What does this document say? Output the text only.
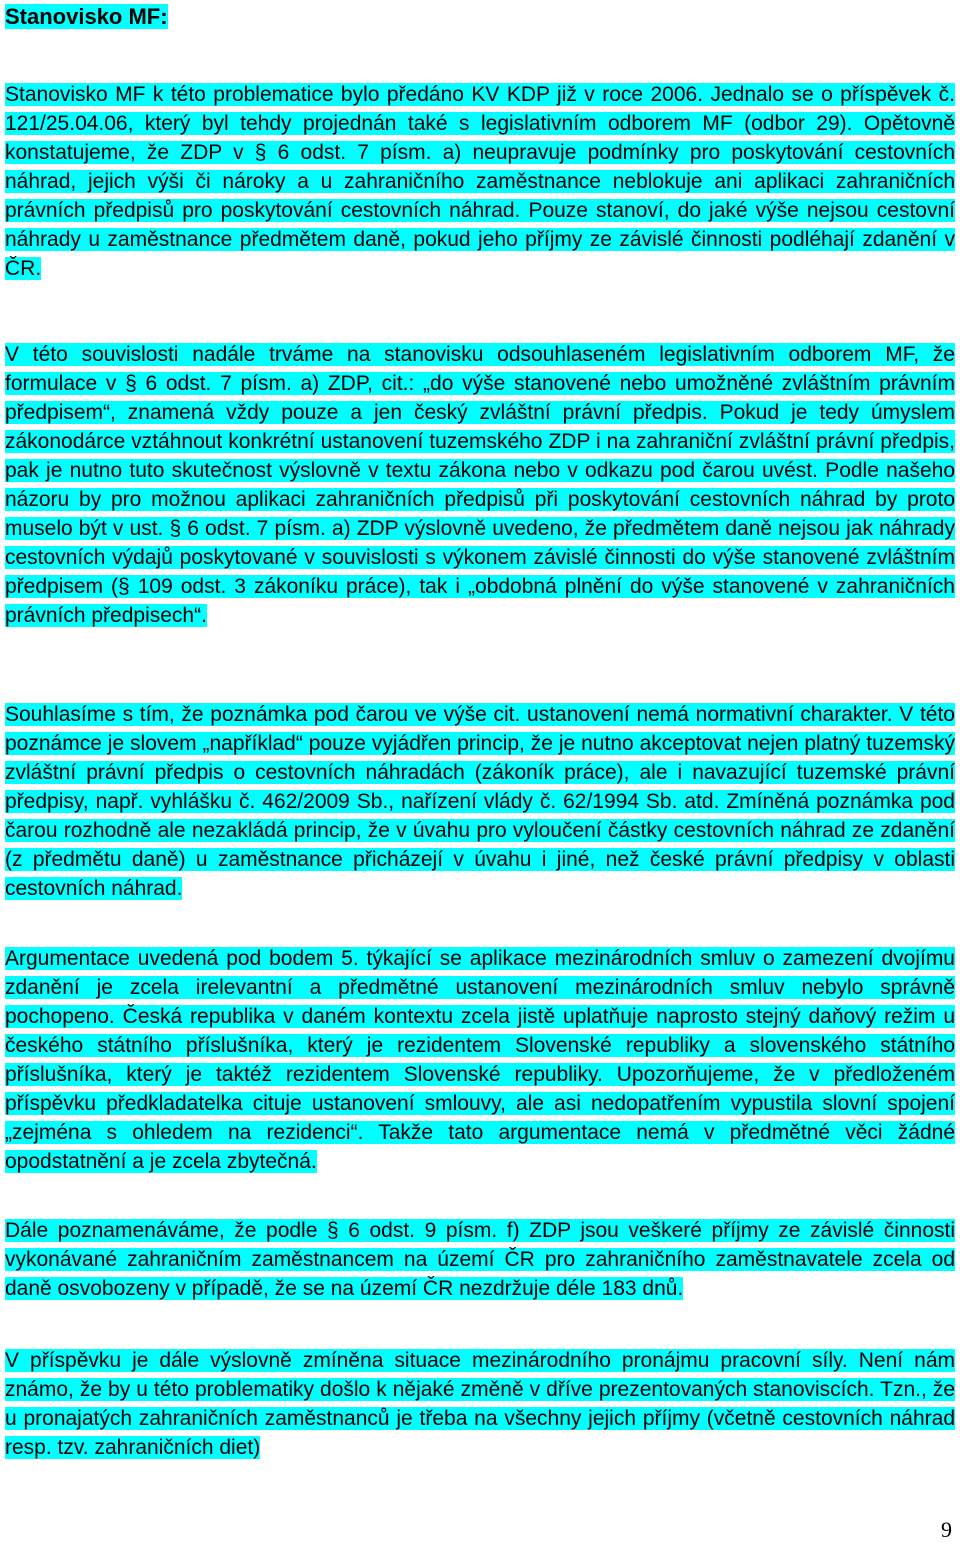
Stanovisko MF:

Stanovisko MF k této problematice bylo předáno KV KDP již v roce 2006. Jednalo se o příspěvek č. 121/25.04.06, který byl tehdy projednán také s legislativním odborem MF (odbor 29). Opětovně konstatujeme, že ZDP v § 6 odst. 7 písm. a) neupravuje podmínky pro poskytování cestovních náhrad, jejich výši či nároky a u zahraničního zaměstnance neblokuje ani aplikaci zahraničních právních předpisů pro poskytování cestovních náhrad. Pouze stanoví, do jaké výše nejsou cestovní náhrady u zaměstnance předmětem daně, pokud jeho příjmy ze závislé činnosti podléhají zdanění v ČR.

V této souvislosti nadále trváme na stanovisku odsouhlaseném legislativním odborem MF, že formulace v § 6 odst. 7 písm. a) ZDP, cit.: „do výše stanovené nebo umožněné zvláštním právním předpisem“, znamená vždy pouze a jen český zvláštní právní předpis. Pokud je tedy úmyslem zákonodárce vztáhnout konkrétní ustanovení tuzemského ZDP i na zahraniční zvláštní právní předpis, pak je nutno tuto skutečnost výslovně v textu zákona nebo v odkazu pod čarou uvést. Podle našeho názoru by pro možnou aplikaci zahraničních předpisů při poskytování cestovních náhrad by proto muselo být v ust. § 6 odst. 7 písm. a) ZDP výslovně uvedeno, že předmětem daně nejsou jak náhrady cestovních výdajů poskytované v souvislosti s výkonem závislé činnosti do výše stanovené zvláštním předpisem (§ 109 odst. 3 zákoníku práce), tak i „obdobná plnění do výše stanovené v zahraničních právních předpisech“.

Souhlasíme s tím, že poznámka pod čarou ve výše cit. ustanovení nemá normativní charakter. V této poznámce je slovem „například“ pouze vyjádřen princip, že je nutno akceptovat nejen platný tuzemský zvláštní právní předpis o cestovních náhradách (zákoník práce), ale i navazující tuzemské právní předpisy, např. vyhlášku č. 462/2009 Sb., nařízení vlády č. 62/1994 Sb. atd. Zmíněná poznámka pod čarou rozhodně ale nezakládá princip, že v úvahu pro vyloučení částky cestovních náhrad ze zdanění (z předmětu daně) u zaměstnance přicházejí v úvahu i jiné, než české právní předpisy v oblasti cestovních náhrad.

Argumentace uvedená pod bodem 5. týkající se aplikace mezinárodních smluv o zamezení dvojímu zdanění je zcela irelevantní a předmětné ustanovení mezinárodních smluv nebylo správně pochopeno. Česká republika v daném kontextu zcela jistě uplatňuje naprosto stejný daňový režim u českého státního příslušníka, který je rezidentem Slovenské republiky a slovenského státního příslušníka, který je taktéž rezidentem Slovenské republiky. Upozorňujeme, že v předloženém příspěvku předkladatelka cituje ustanovení smlouvy, ale asi nedopatřením vypustila slovní spojení „zejména s ohledem na rezidenci“. Takže tato argumentace nemá v předmětné věci žádné opodstatnění a je zcela zbytečná.

Dále poznamenáváme, že podle § 6 odst. 9 písm. f) ZDP jsou veškeré příjmy ze závislé činnosti vykonávané zahraničním zaměstnancem na území ČR pro zahraničního zaměstnavatele zcela od daně osvobozeny v případě, že se na území ČR nezdržuje déle 183 dnů.

V příspěvku je dále výslovně zmíněna situace mezinárodního pronájmu pracovní síly. Není nám známo, že by u této problematiky došlo k nějaké změně v dříve prezentovaných stanoviscích. Tzn., že u pronajatých zahraničních zaměstnanců je třeba na všechny jejich příjmy (včetně cestovních náhrad resp. tzv. zahraničních diet)

9
